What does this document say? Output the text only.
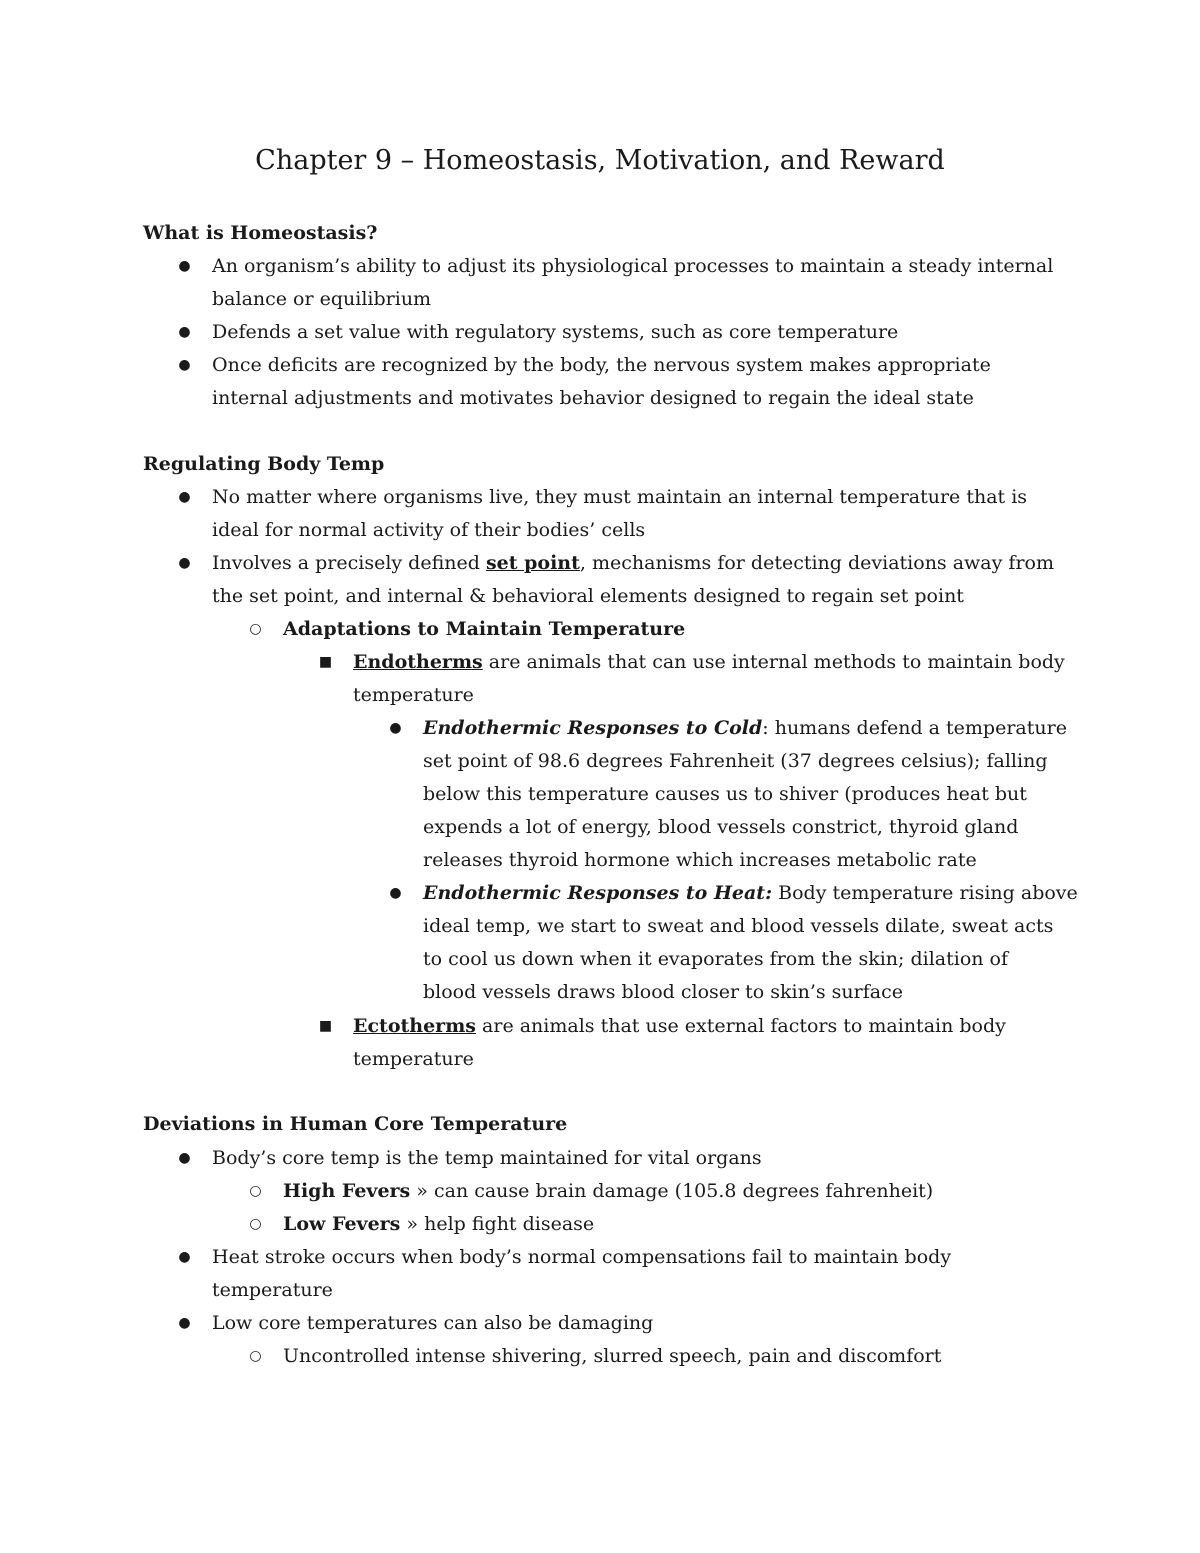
Chapter 9 – Homeostasis, Motivation, and Reward
What is Homeostasis?
●	An organism’s ability to adjust its physiological processes to maintain a steady internal
balance or equilibrium
●	Defends a set value with regulatory systems, such as core temperature
●	Once deficits are recognized by the body, the nervous system makes appropriate
internal adjustments and motivates behavior designed to regain the ideal state
Regulating Body Temp
●	No matter where organisms live, they must maintain an internal temperature that is
ideal for normal activity of their bodies’ cells
●	Involves a precisely defined set point, mechanisms for detecting deviations away from
the set point, and internal & behavioral elements designed to regain set point
○	Adaptations to Maintain Temperature
■	Endotherms are animals that can use internal methods to maintain body
temperature
●	Endothermic Responses to Cold: humans defend a temperature
set point of 98.6 degrees Fahrenheit (37 degrees celsius); falling
below this temperature causes us to shiver (produces heat but
expends a lot of energy, blood vessels constrict, thyroid gland
releases thyroid hormone which increases metabolic rate
●	Endothermic Responses to Heat: Body temperature rising above
ideal temp, we start to sweat and blood vessels dilate, sweat acts
to cool us down when it evaporates from the skin; dilation of
blood vessels draws blood closer to skin’s surface
■	Ectotherms are animals that use external factors to maintain body
temperature
Deviations in Human Core Temperature
●	Body’s core temp is the temp maintained for vital organs
○	High Fevers » can cause brain damage (105.8 degrees fahrenheit)
○	Low Fevers » help fight disease
●	Heat stroke occurs when body’s normal compensations fail to maintain body
temperature
●	Low core temperatures can also be damaging
○	Uncontrolled intense shivering, slurred speech, pain and discomfort
